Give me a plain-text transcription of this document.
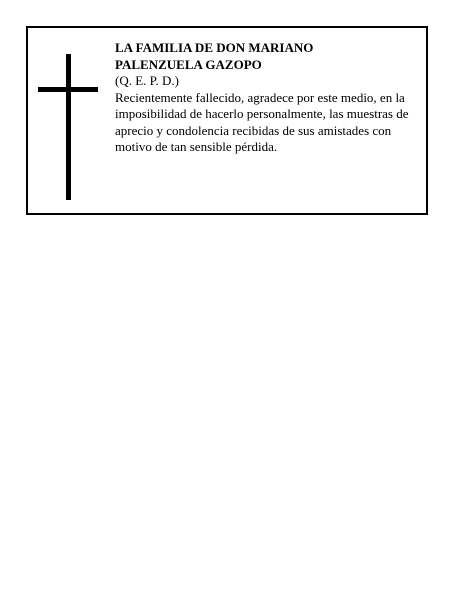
LA FAMILIA DE DON MARIANO
PALENZUELA GAZOPO

(Q. E. P. D.)

Recientemente fallecido, agradece por este medio, en la imposibilidad de hacerlo personalmente, las muestras de aprecio y condolencia recibidas de sus amistades con motivo de tan sensible pérdida.
